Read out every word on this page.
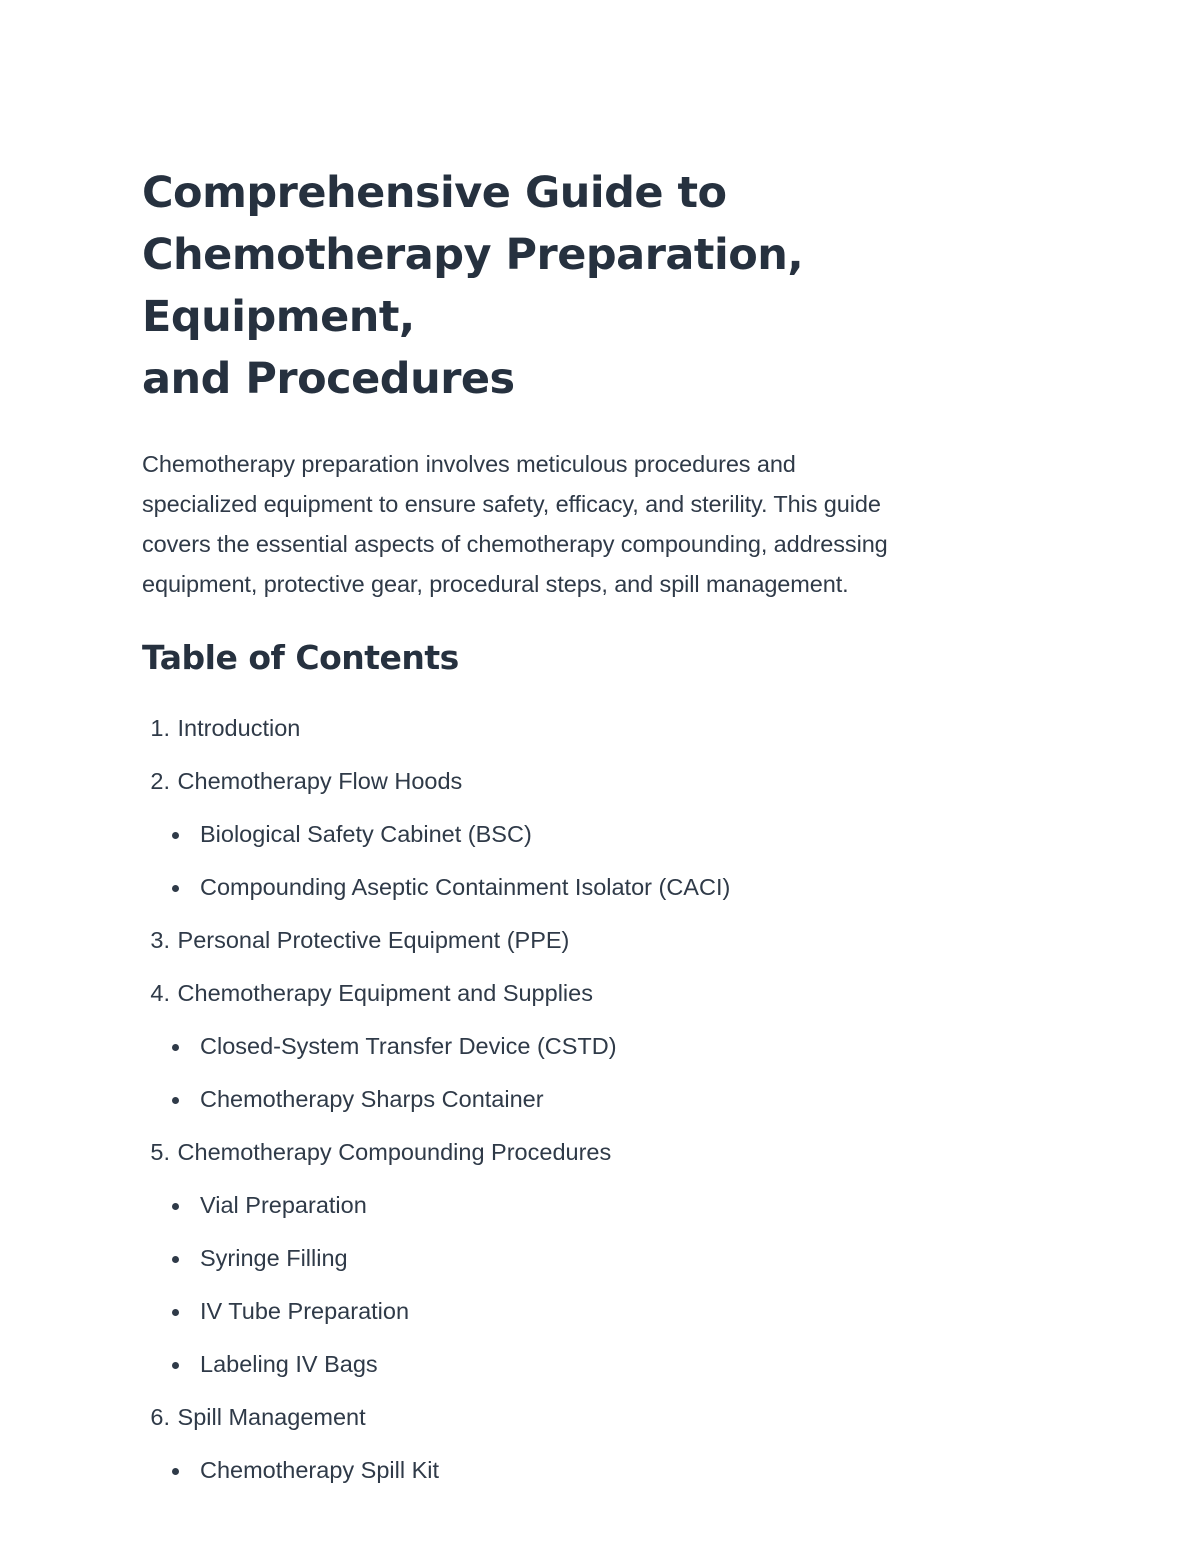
Comprehensive Guide to
Chemotherapy Preparation, Equipment,
and Procedures

Chemotherapy preparation involves meticulous procedures and
specialized equipment to ensure safety, efficacy, and sterility. This guide
covers the essential aspects of chemotherapy compounding, addressing
equipment, protective gear, procedural steps, and spill management.

Table of Contents
1. Introduction
2. Chemotherapy Flow Hoods
Biological Safety Cabinet (BSC)
Compounding Aseptic Containment Isolator (CACI)
3. Personal Protective Equipment (PPE)
4. Chemotherapy Equipment and Supplies
Closed-System Transfer Device (CSTD)
Chemotherapy Sharps Container
5. Chemotherapy Compounding Procedures
Vial Preparation
Syringe Filling
IV Tube Preparation
Labeling IV Bags
6. Spill Management
Chemotherapy Spill Kit
